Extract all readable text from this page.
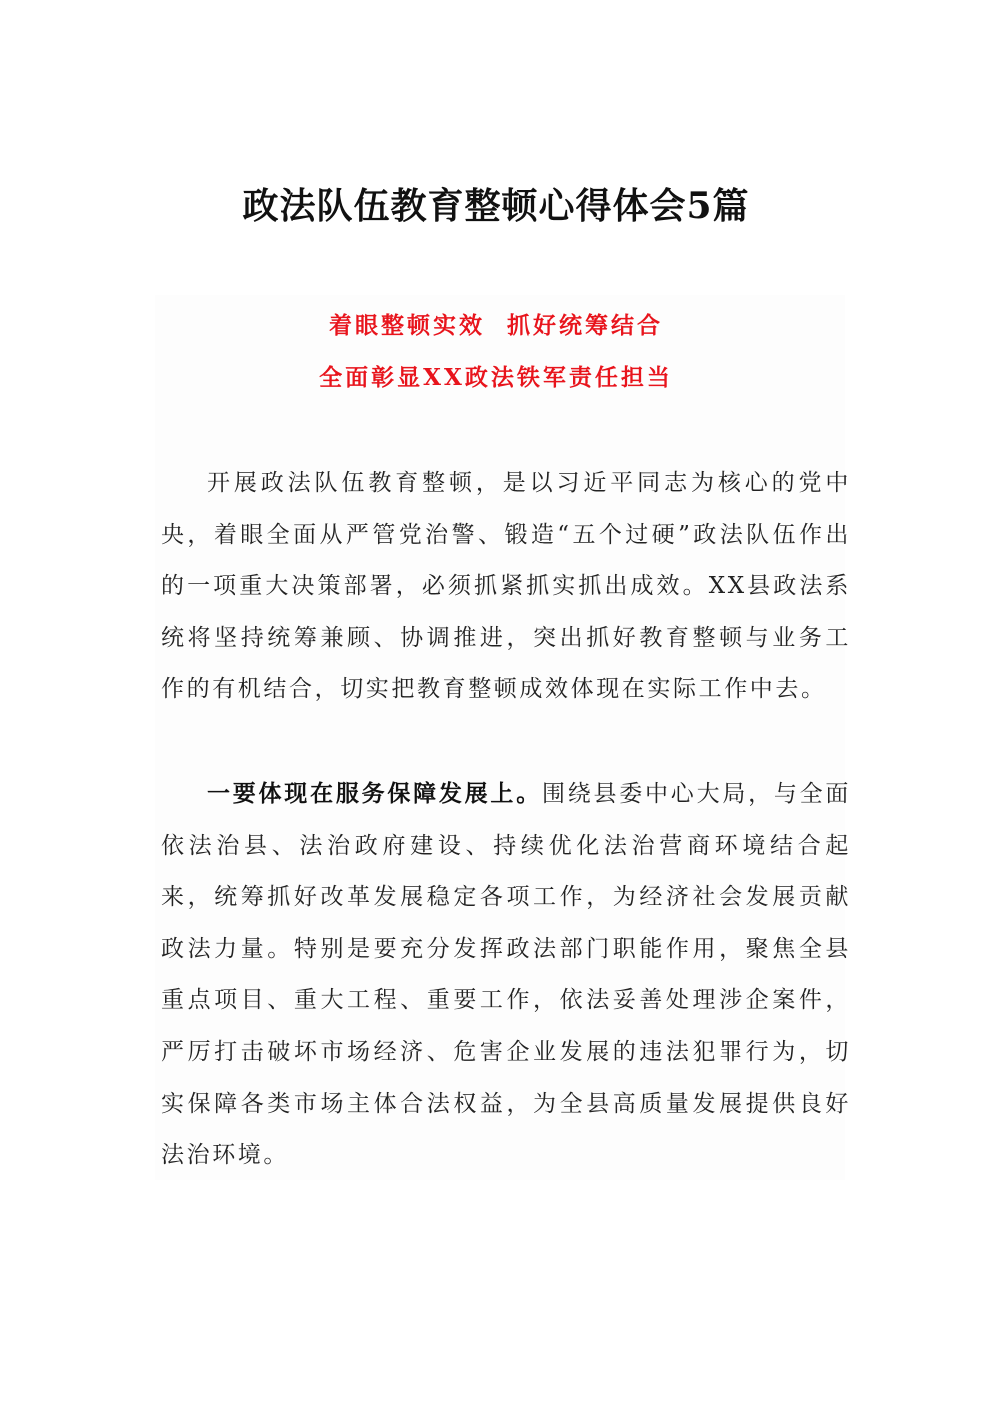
政法队伍教育整顿心得体会5篇
着眼整顿实效  抓好统筹结合
全面彰显XX政法铁军责任担当

开展政法队伍教育整顿，是以习近平同志为核心的党中央，着眼全面从严管党治警、锻造“五个过硬”政法队伍作出的一项重大决策部署，必须抓紧抓实抓出成效。XX县政法系统将坚持统筹兼顾、协调推进，突出抓好教育整顿与业务工作的有机结合，切实把教育整顿成效体现在实际工作中去。

一要体现在服务保障发展上。围绕县委中心大局，与全面依法治县、法治政府建设、持续优化法治营商环境结合起来，统筹抓好改革发展稳定各项工作，为经济社会发展贡献政法力量。特别是要充分发挥政法部门职能作用，聚焦全县重点项目、重大工程、重要工作，依法妥善处理涉企案件，严厉打击破坏市场经济、危害企业发展的违法犯罪行为，切实保障各类市场主体合法权益，为全县高质量发展提供良好法治环境。
